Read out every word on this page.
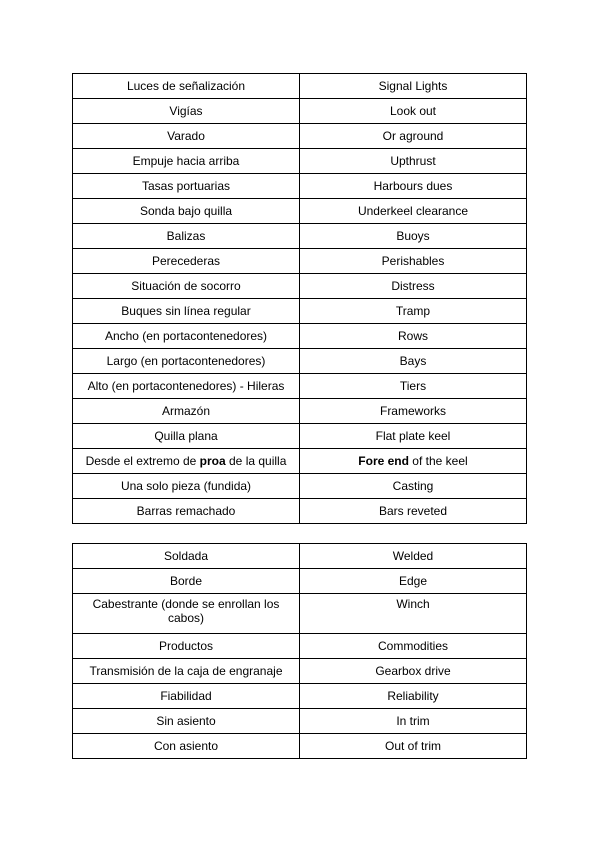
Luces de señalización	Signal Lights
Vigías	Look out
Varado	Or aground
Empuje hacia arriba	Upthrust
Tasas portuarias	Harbours dues
Sonda bajo quilla	Underkeel clearance
Balizas	Buoys
Perecederas	Perishables
Situación de socorro	Distress
Buques sin línea regular	Tramp
Ancho (en portacontenedores)	Rows
Largo (en portacontenedores)	Bays
Alto (en portacontenedores) - Hileras	Tiers
Armazón	Frameworks
Quilla plana	Flat plate keel
Desde el extremo de proa de la quilla	Fore end of the keel
Una solo pieza (fundida)	Casting
Barras remachado	Bars reveted
Soldada	Welded
Borde	Edge
Cabestrante (donde se enrollan los cabos)	Winch
Productos	Commodities
Transmisión de la caja de engranaje	Gearbox drive
Fiabilidad	Reliability
Sin asiento	In trim
Con asiento	Out of trim
